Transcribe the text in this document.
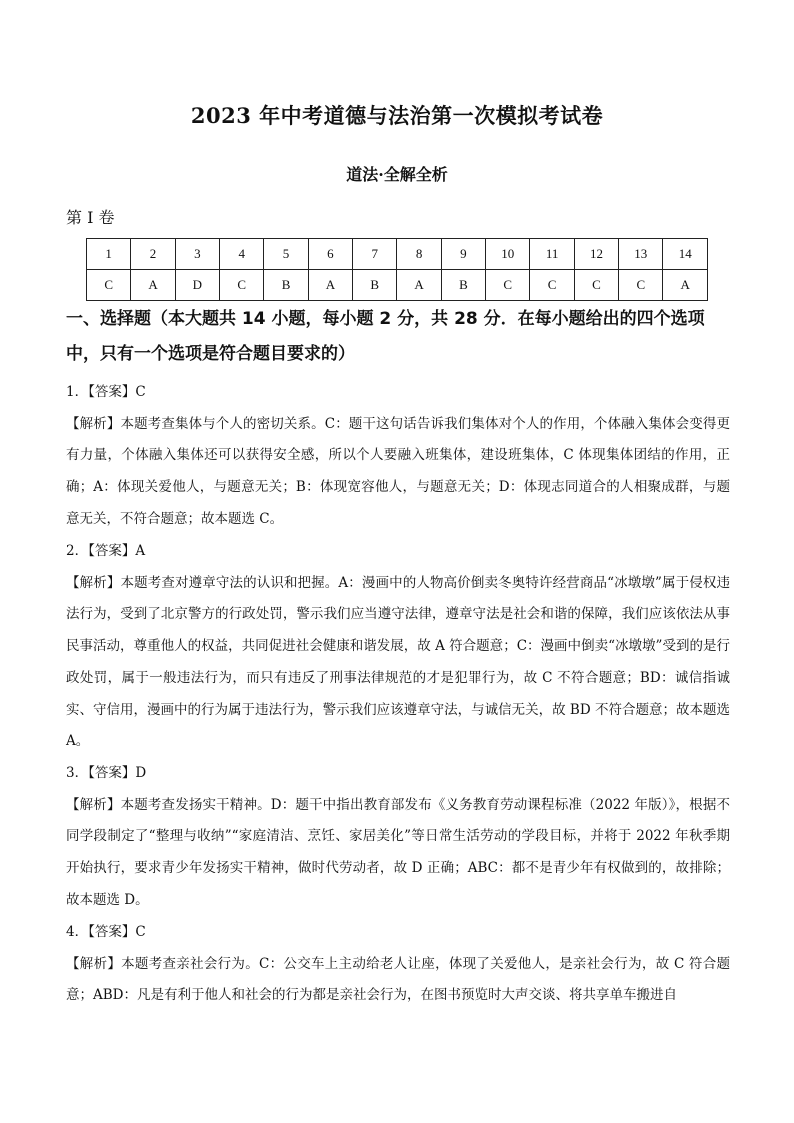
2023 年中考道德与法治第一次模拟考试卷
道法·全解全析
第 I 卷
1	2	3	4	5	6	7	8	9	10	11	12	13	14
C	A	D	C	B	A	B	A	B	C	C	C	C	A
一、选择题（本大题共 14 小题，每小题 2 分，共 28 分．在每小题给出的四个选项中，只有一个选项是符合题目要求的）
1．【答案】C
【解析】本题考查集体与个人的密切关系。C：题干这句话告诉我们集体对个人的作用，个体融入集体会变得更有力量，个体融入集体还可以获得安全感，所以个人要融入班集体，建设班集体，C 体现集体团结的作用，正确；A：体现关爱他人，与题意无关；B：体现宽容他人，与题意无关；D：体现志同道合的人相聚成群，与题意无关，不符合题意；故本题选 C。
2．【答案】A
【解析】本题考查对遵章守法的认识和把握。A：漫画中的人物高价倒卖冬奥特许经营商品“冰墩墩”属于侵权违法行为，受到了北京警方的行政处罚，警示我们应当遵守法律，遵章守法是社会和谐的保障，我们应该依法从事民事活动，尊重他人的权益，共同促进社会健康和谐发展，故 A 符合题意；C：漫画中倒卖“冰墩墩”受到的是行政处罚，属于一般违法行为，而只有违反了刑事法律规范的才是犯罪行为，故 C 不符合题意；BD：诚信指诚实、守信用，漫画中的行为属于违法行为，警示我们应该遵章守法，与诚信无关，故 BD 不符合题意；故本题选 A。
3．【答案】D
【解析】本题考查发扬实干精神。D：题干中指出教育部发布《义务教育劳动课程标准（2022 年版）》，根据不同学段制定了“整理与收纳”“家庭清洁、烹饪、家居美化”等日常生活劳动的学段目标，并将于 2022 年秋季期开始执行，要求青少年发扬实干精神，做时代劳动者，故 D 正确；ABC：都不是青少年有权做到的，故排除；故本题选 D。
4．【答案】C
【解析】本题考查亲社会行为。C：公交车上主动给老人让座，体现了关爱他人，是亲社会行为，故 C 符合题意；ABD：凡是有利于他人和社会的行为都是亲社会行为，在图书预览时大声交谈、将共享单车搬进自
